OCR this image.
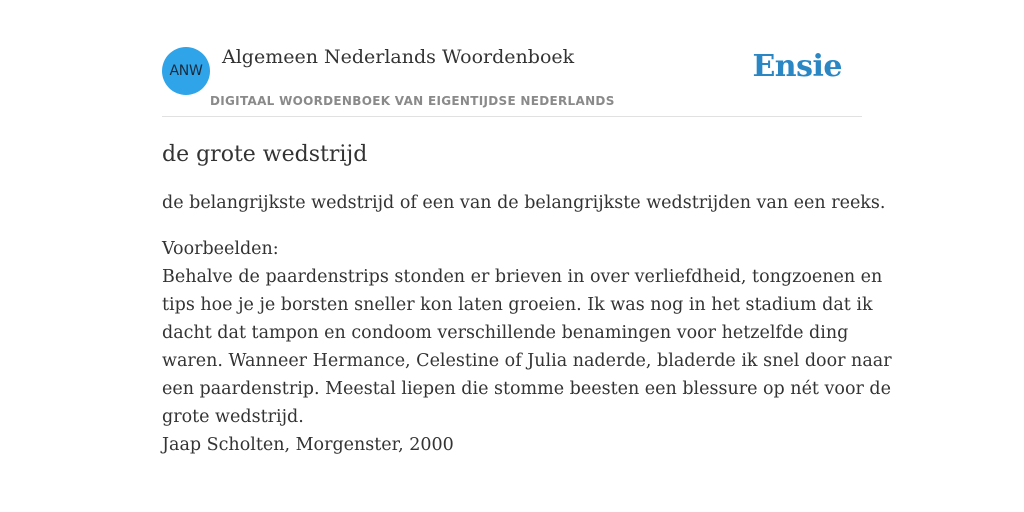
ANW
Algemeen Nederlands Woordenboek
DIGITAAL WOORDENBOEK VAN EIGENTIJDSE NEDERLANDS
Ensie
de grote wedstrijd

de belangrijkste wedstrijd of een van de belangrijkste wedstrijden van een reeks.

Voorbeelden:
Behalve de paardenstrips stonden er brieven in over verliefdheid, tongzoenen en
tips hoe je je borsten sneller kon laten groeien. Ik was nog in het stadium dat ik
dacht dat tampon en condoom verschillende benamingen voor hetzelfde ding
waren. Wanneer Hermance, Celestine of Julia naderde, bladerde ik snel door naar
een paardenstrip. Meestal liepen die stomme beesten een blessure op nét voor de
grote wedstrijd.
Jaap Scholten, Morgenster, 2000
